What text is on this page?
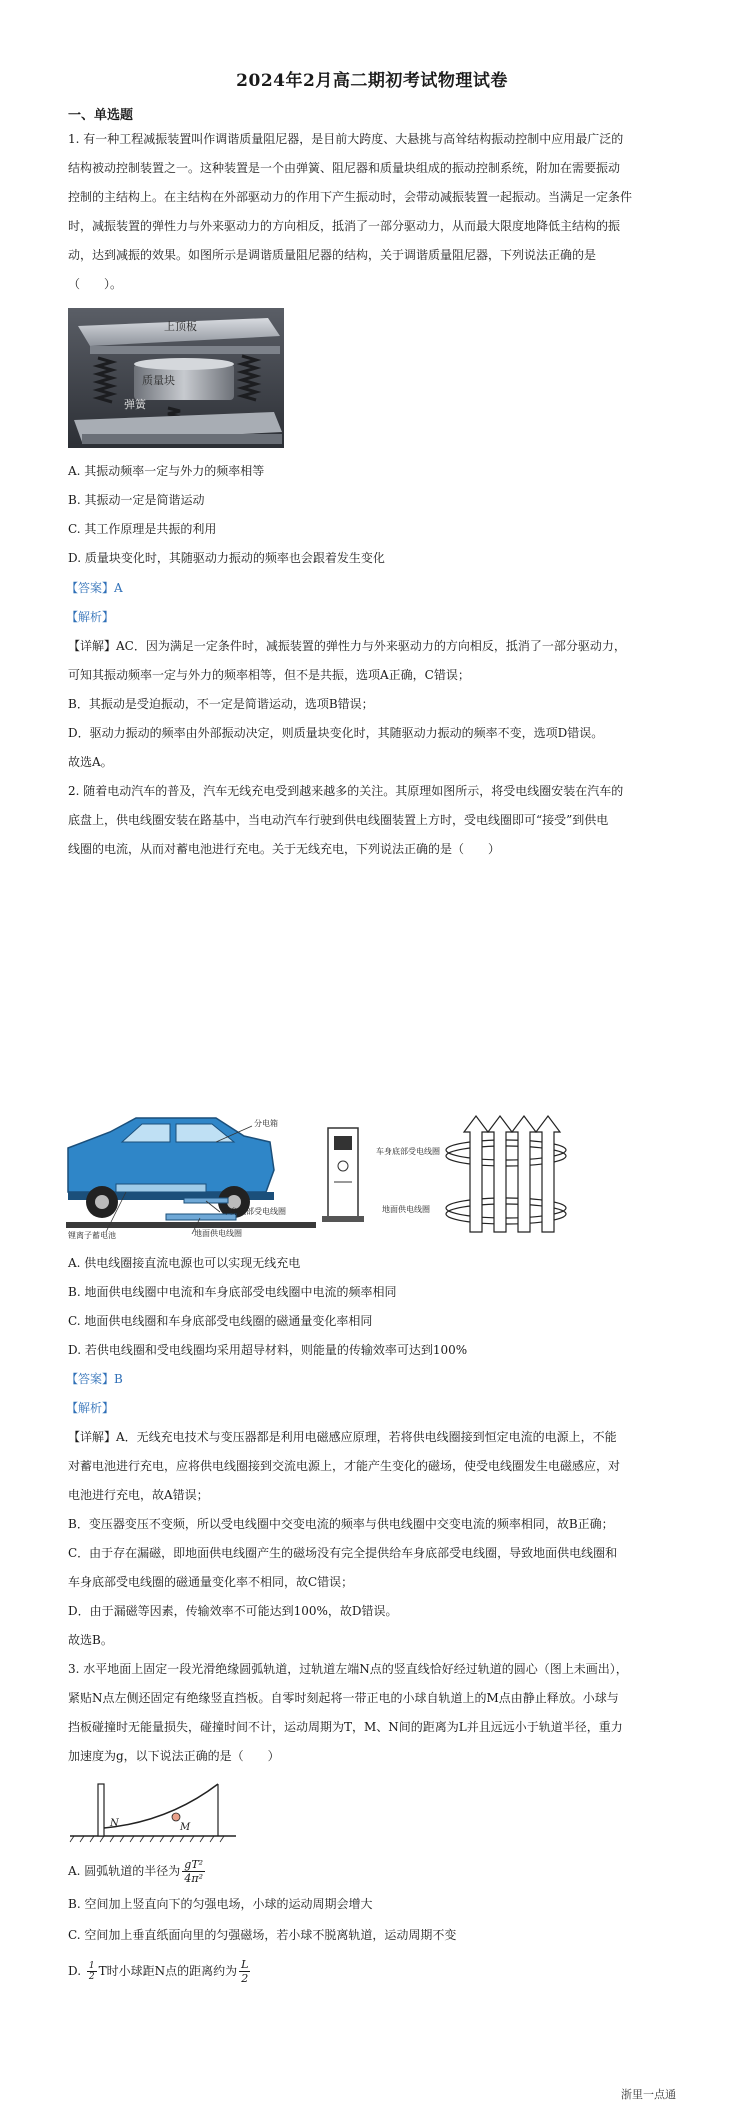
2024年2月高二期初考试物理试卷
一、单选题
1. 有一种工程减振装置叫作调谐质量阻尼器，是目前大跨度、大悬挑与高耸结构振动控制中应用最广泛的
结构被动控制装置之一。这种装置是一个由弹簧、阻尼器和质量块组成的振动控制系统，附加在需要振动
控制的主结构上。在主结构在外部驱动力的作用下产生振动时，会带动减振装置一起振动。当满足一定条件
时，减振装置的弹性力与外来驱动力的方向相反，抵消了一部分驱动力，从而最大限度地降低主结构的振
动，达到减振的效果。如图所示是调谐质量阻尼器的结构，关于调谐质量阻尼器，下列说法正确的是
（　　）。
上顶板
质量块
弹簧
A. 其振动频率一定与外力的频率相等
B. 其振动一定是简谐运动
C. 其工作原理是共振的利用
D. 质量块变化时，其随驱动力振动的频率也会跟着发生变化
【答案】A
【解析】
【详解】AC．因为满足一定条件时，减振装置的弹性力与外来驱动力的方向相反，抵消了一部分驱动力，
可知其振动频率一定与外力的频率相等，但不是共振，选项A正确，C错误；
B．其振动是受迫振动，不一定是简谐运动，选项B错误；
D．驱动力振动的频率由外部振动决定，则质量块变化时，其随驱动力振动的频率不变，选项D错误。
故选A。
2. 随着电动汽车的普及，汽车无线充电受到越来越多的关注。其原理如图所示，将受电线圈安装在汽车的
底盘上，供电线圈安装在路基中，当电动汽车行驶到供电线圈装置上方时，受电线圈即可“接受”到供电
线圈的电流，从而对蓄电池进行充电。关于无线充电，下列说法正确的是（　　）
分电箱
车身底部受电线圈
地面供电线圈
锂离子蓄电池
车身底部受电线圈
地面供电线圈
A. 供电线圈接直流电源也可以实现无线充电
B. 地面供电线圈中电流和车身底部受电线圈中电流的频率相同
C. 地面供电线圈和车身底部受电线圈的磁通量变化率相同
D. 若供电线圈和受电线圈均采用超导材料，则能量的传输效率可达到100%
【答案】B
【解析】
【详解】A．无线充电技术与变压器都是利用电磁感应原理，若将供电线圈接到恒定电流的电源上，不能
对蓄电池进行充电，应将供电线圈接到交流电源上，才能产生变化的磁场，使受电线圈发生电磁感应，对
电池进行充电，故A错误；
B．变压器变压不变频，所以受电线圈中交变电流的频率与供电线圈中交变电流的频率相同，故B正确；
C．由于存在漏磁，即地面供电线圈产生的磁场没有完全提供给车身底部受电线圈，导致地面供电线圈和
车身底部受电线圈的磁通量变化率不相同，故C错误；
D．由于漏磁等因素，传输效率不可能达到100%，故D错误。
故选B。
3. 水平地面上固定一段光滑绝缘圆弧轨道，过轨道左端N点的竖直线恰好经过轨道的圆心（图上未画出），
紧贴N点左侧还固定有绝缘竖直挡板。自零时刻起将一带正电的小球自轨道上的M点由静止释放。小球与
挡板碰撞时无能量损失，碰撞时间不计，运动周期为T，M、N间的距离为L并且远远小于轨道半径，重力
加速度为g，以下说法正确的是（　　）
N	M
A. 圆弧轨道的半径为 $\frac{\text{gT²}}{\text{4π²}}$
B. 空间加上竖直向下的匀强电场，小球的运动周期会增大
C. 空间加上垂直纸面向里的匀强磁场，若小球不脱离轨道，运动周期不变
D. $\frac{1}{2}$ T时小球距N点的距离约为 $\frac{L}{2}$
浙里一点通
